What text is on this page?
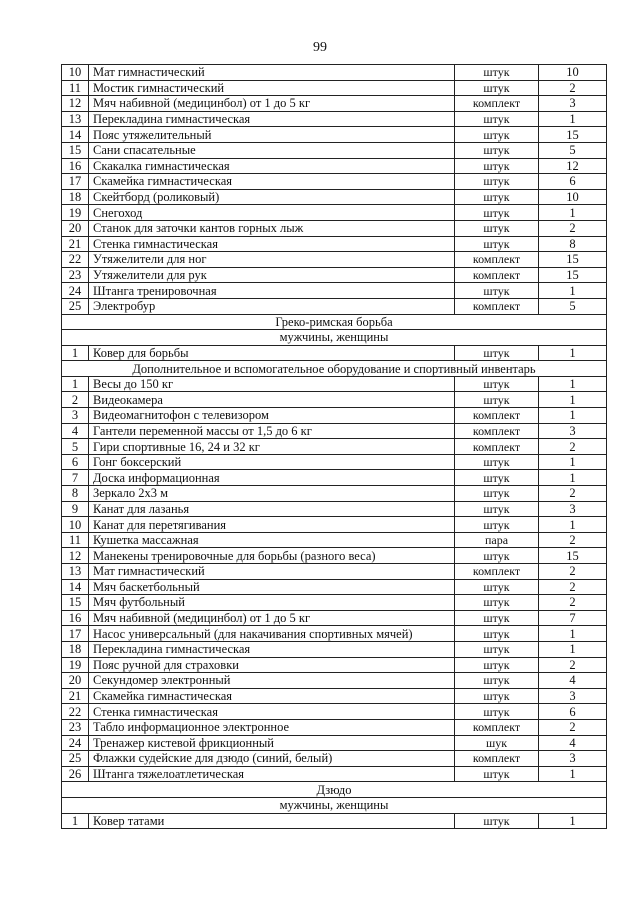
99
10	Мат гимнастический	штук	10
11	Мостик гимнастический	штук	2
12	Мяч набивной (медицинбол) от 1 до 5 кг	комплект	3
13	Перекладина гимнастическая	штук	1
14	Пояс утяжелительный	штук	15
15	Сани спасательные	штук	5
16	Скакалка гимнастическая	штук	12
17	Скамейка гимнастическая	штук	6
18	Скейтборд (роликовый)	штук	10
19	Снегоход	штук	1
20	Станок для заточки кантов горных лыж	штук	2
21	Стенка гимнастическая	штук	8
22	Утяжелители для ног	комплект	15
23	Утяжелители для рук	комплект	15
24	Штанга тренировочная	штук	1
25	Электробур	комплект	5
Греко-римская борьба			
мужчины, женщины			
1	Ковер для борьбы	штук	1
Дополнительное и вспомогательное оборудование и спортивный инвентарь			
1	Весы до 150 кг	штук	1
2	Видеокамера	штук	1
3	Видеомагнитофон с телевизором	комплект	1
4	Гантели переменной массы от 1,5 до 6 кг	комплект	3
5	Гири спортивные 16, 24 и 32 кг	комплект	2
6	Гонг боксерский	штук	1
7	Доска информационная	штук	1
8	Зеркало 2х3 м	штук	2
9	Канат для лазанья	штук	3
10	Канат для перетягивания	штук	1
11	Кушетка массажная	пара	2
12	Манекены тренировочные для борьбы (разного веса)	штук	15
13	Мат гимнастический	комплект	2
14	Мяч баскетбольный	штук	2
15	Мяч футбольный	штук	2
16	Мяч набивной (медицинбол) от 1 до 5 кг	штук	7
17	Насос универсальный (для накачивания спортивных мячей)	штук	1
18	Перекладина гимнастическая	штук	1
19	Пояс ручной для страховки	штук	2
20	Секундомер электронный	штук	4
21	Скамейка гимнастическая	штук	3
22	Стенка гимнастическая	штук	6
23	Табло информационное электронное	комплект	2
24	Тренажер кистевой фрикционный	шук	4
25	Флажки судейские для дзюдо (синий, белый)	комплект	3
26	Штанга тяжелоатлетическая	штук	1
Дзюдо			
мужчины, женщины			
1	Ковер татами	штук	1
